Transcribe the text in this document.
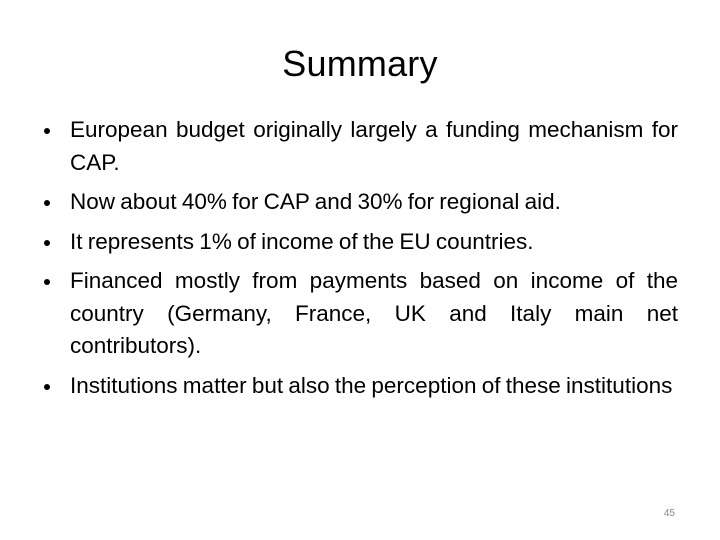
Summary
European budget originally largely a funding mechanism for CAP.
Now about 40% for CAP and 30% for regional aid.
It represents 1% of income of the EU countries.
Financed mostly from payments based on income of the country (Germany, France, UK and Italy main net contributors).
Institutions matter but also the perception of these institutions
45
